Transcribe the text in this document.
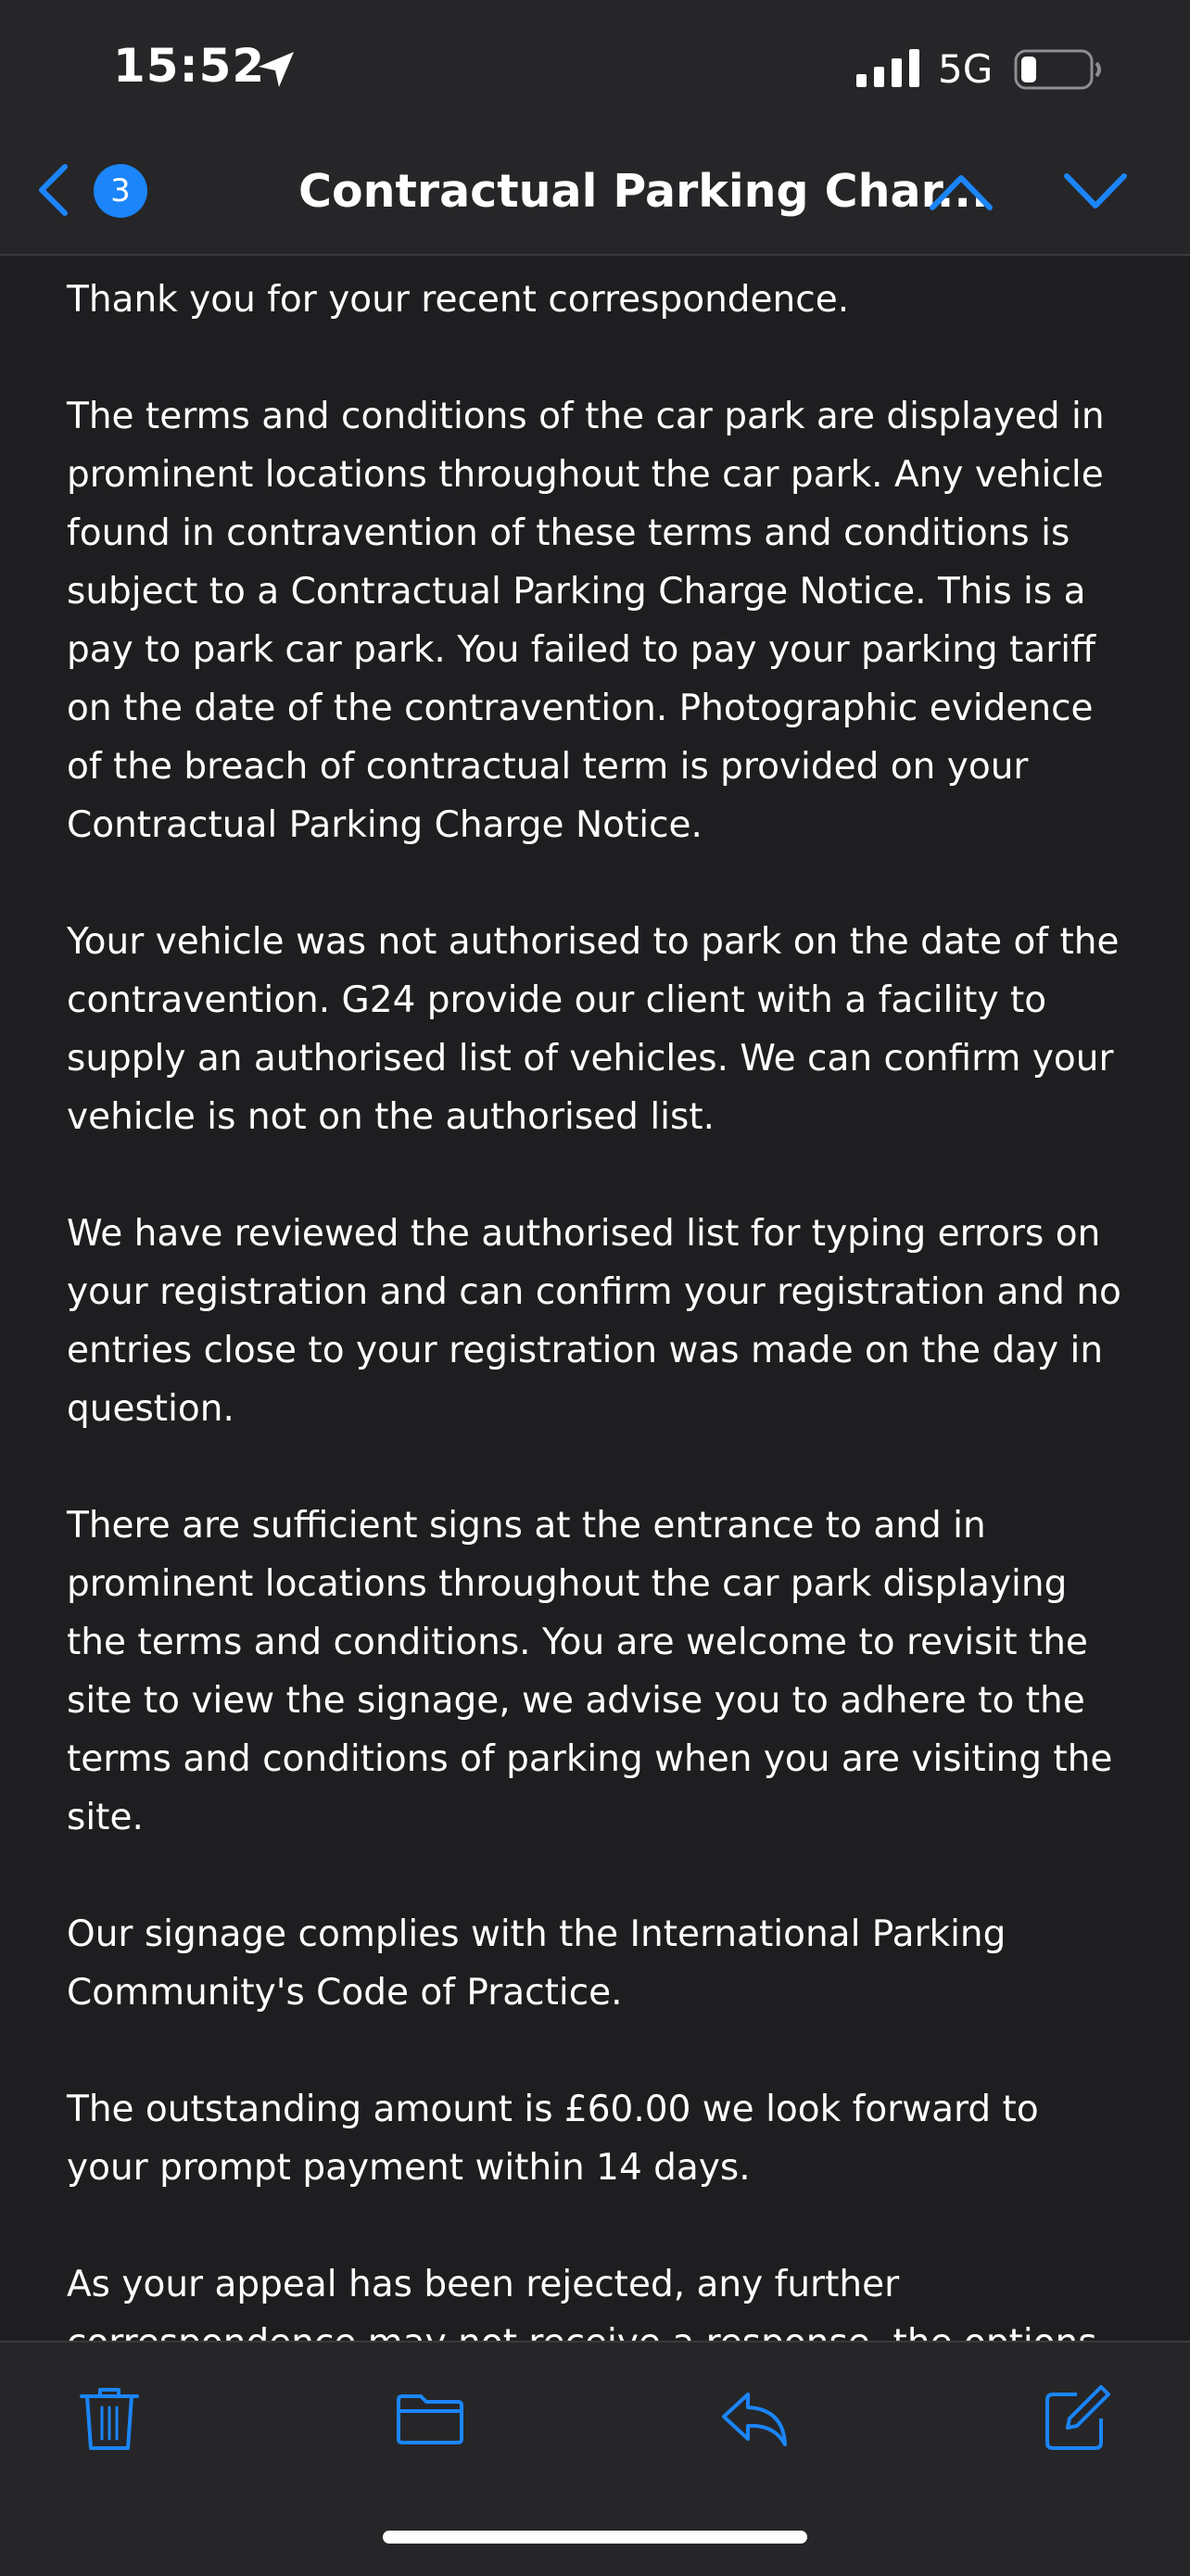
15:52	5G
3	Contractual Parking Char...

Thank you for your recent correspondence.

The terms and conditions of the car park are displayed in prominent locations throughout the car park. Any vehicle found in contravention of these terms and conditions is subject to a Contractual Parking Charge Notice. This is a pay to park car park. You failed to pay your parking tariff on the date of the contravention. Photographic evidence of the breach of contractual term is provided on your Contractual Parking Charge Notice.

Your vehicle was not authorised to park on the date of the contravention. G24 provide our client with a facility to supply an authorised list of vehicles. We can confirm your vehicle is not on the authorised list.

We have reviewed the authorised list for typing errors on your registration and can confirm your registration and no entries close to your registration was made on the day in question.

There are sufficient signs at the entrance to and in prominent locations throughout the car park displaying the terms and conditions. You are welcome to revisit the site to view the signage, we advise you to adhere to the terms and conditions of parking when you are visiting the site.

Our signage complies with the International Parking Community's Code of Practice.

The outstanding amount is £60.00 we look forward to your prompt payment within 14 days.

As your appeal has been rejected, any further
